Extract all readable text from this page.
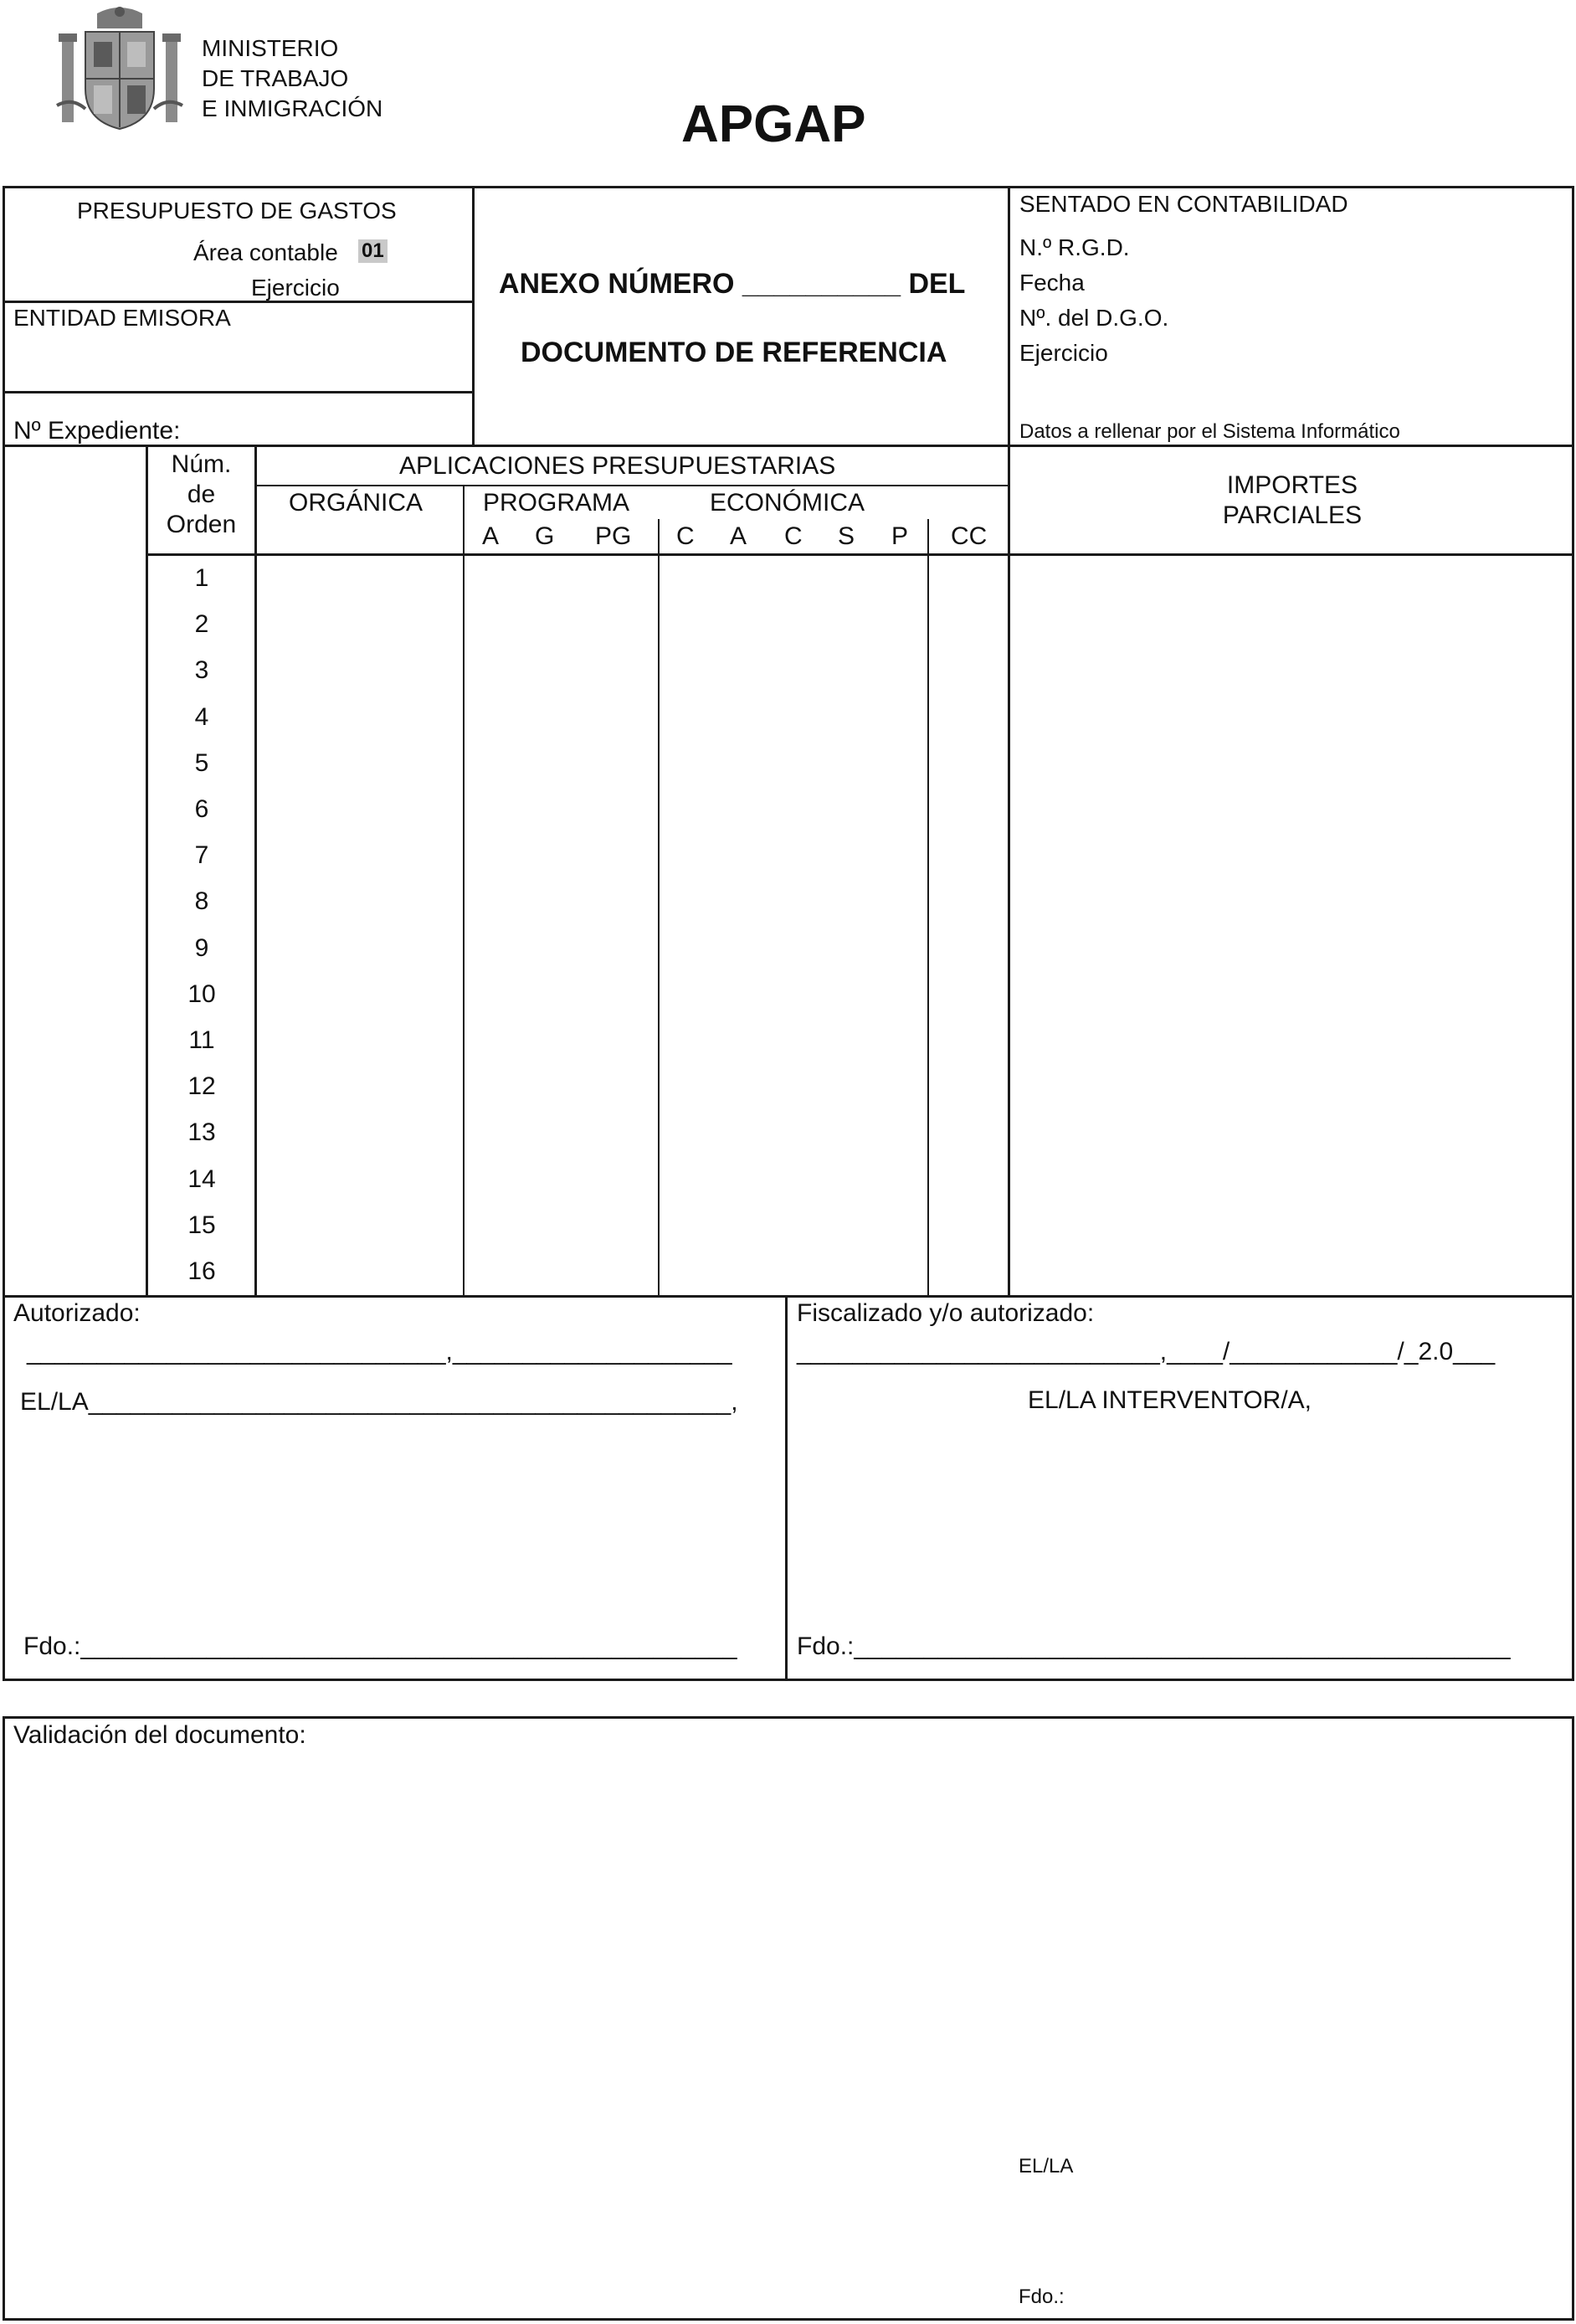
MINISTERIO
DE TRABAJO
E INMIGRACIÓN	APGAP
PRESUPUESTO DE GASTOS
Área contable 01
Ejercicio
ENTIDAD EMISORA
Nº Expediente:
ANEXO NÚMERO __________ DEL
DOCUMENTO DE REFERENCIA
SENTADO EN CONTABILIDAD
N.º R.G.D.
Fecha
Nº. del D.G.O.
Ejercicio
Datos a rellenar por el Sistema Informático
Núm.
de
Orden
APLICACIONES PRESUPUESTARIAS
ORGÁNICA PROGRAMA	ECONÓMICA
A G PG C A C S P CC
IMPORTES
PARCIALES
1
2
3
4
5
6
7
8
9
10
11
12
13
14
15
16
Autorizado:
______________________________,____________________
EL/LA______________________________________________,
Fdo.:_______________________________________________
Fiscalizado y/o autorizado:
__________________________,____/____________/_2.0___
EL/LA INTERVENTOR/A,
Fdo.:_______________________________________________
Validación del documento:
EL/LA
Fdo.:
